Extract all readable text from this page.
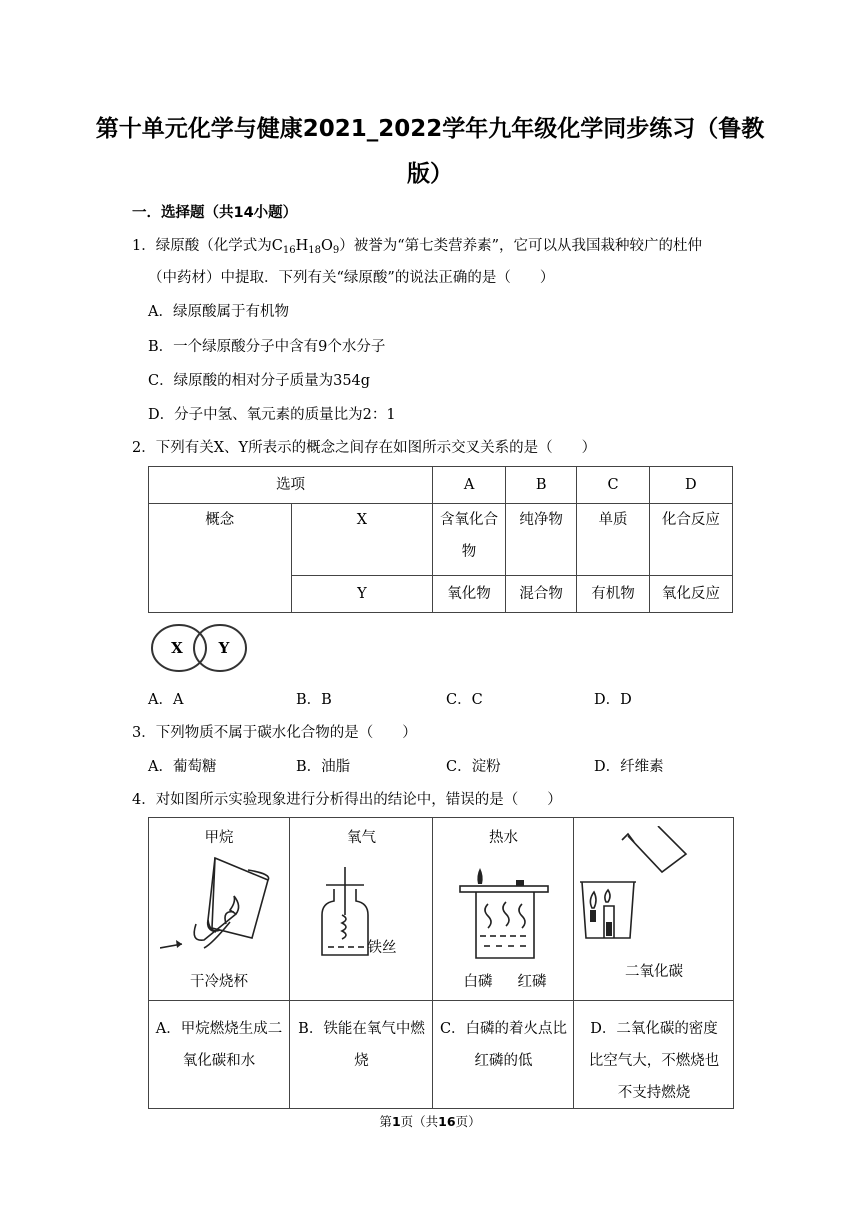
第十单元化学与健康2021_2022学年九年级化学同步练习（鲁教
版）
一．选择题（共14小题）
1．绿原酸（化学式为$C_{16}H_{18}O_9$）被誉为“第七类营养素”，它可以从我国栽种较广的杜仲
（中药材）中提取．下列有关“绿原酸”的说法正确的是（　　）
A．绿原酸属于有机物
B．一个绿原酸分子中含有9个水分子
C．绿原酸的相对分子质量为354g
D．分子中氢、氧元素的质量比为2：1
2．下列有关X、Y所表示的概念之间存在如图所示交叉关系的是（　　）
选项		A	B	C	D
概念	X	含氧化合物	纯净物	单质	化合反应
	Y	氧化物	混合物	有机物	氧化反应
X Y
A．A	B．B	C．C	D．D
3．下列物质不属于碳水化合物的是（　　）
A．葡萄糖	B．油脂	C．淀粉	D．纤维素
4．对如图所示实验现象进行分析得出的结论中，错误的是（　　）
甲烷
干冷烧杯
氧气
铁丝
热水
白磷	红磷
二氧化碳
A．甲烷燃烧生成二
氧化碳和水
B．铁能在氧气中燃
烧
C．白磷的着火点比
红磷的低
D．二氧化碳的密度
比空气大，不燃烧也
不支持燃烧
第1页（共16页）
